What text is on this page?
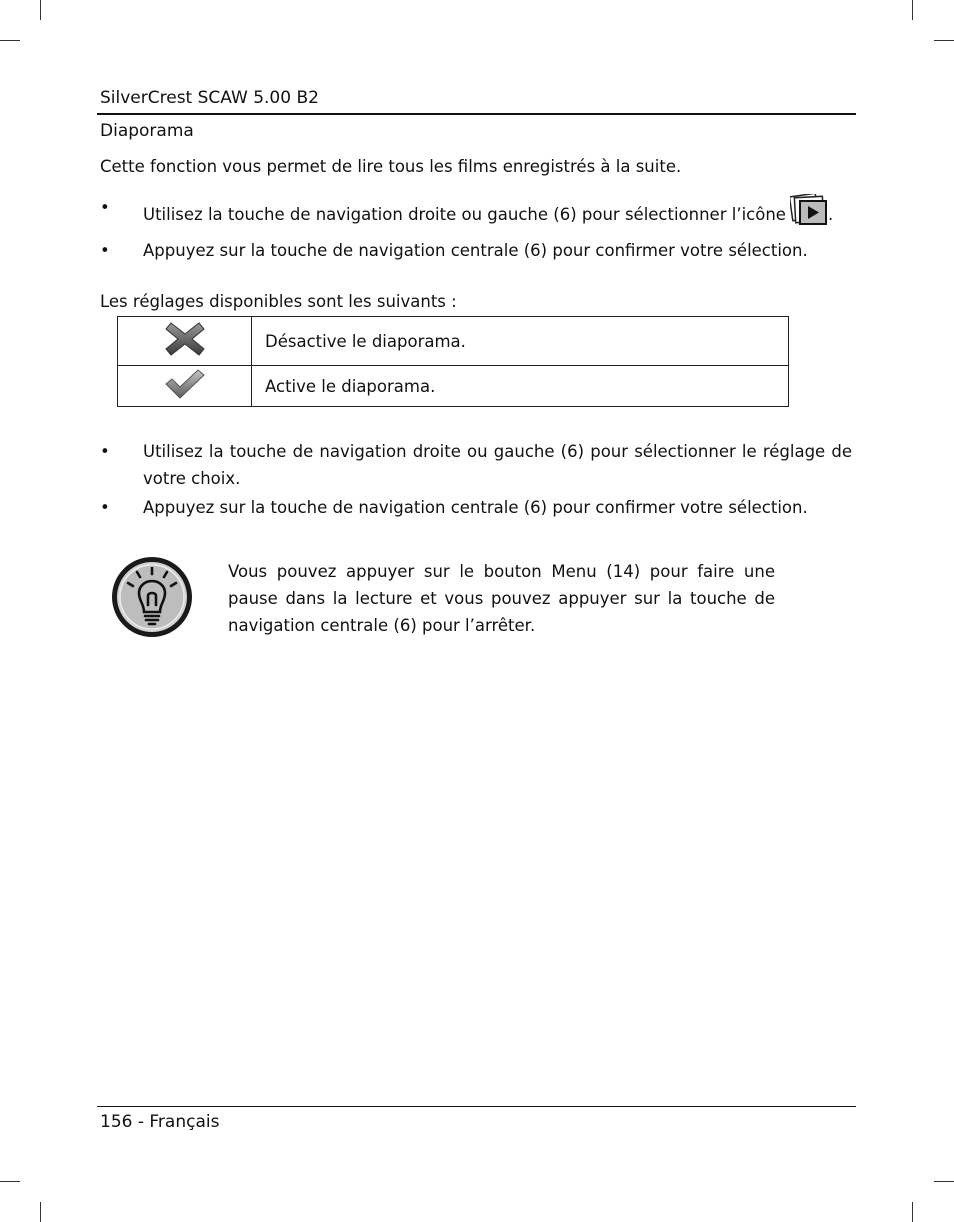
SilverCrest SCAW 5.00 B2
Diaporama

Cette fonction vous permet de lire tous les films enregistrés à la suite.

• Utilisez la touche de navigation droite ou gauche (6) pour sélectionner l’icône	.
• Appuyez sur la touche de navigation centrale (6) pour confirmer votre sélection.

Les réglages disponibles sont les suivants :

	Désactive le diaporama.
	Active le diaporama.
• Utilisez la touche de navigation droite ou gauche (6) pour sélectionner le réglage de votre choix.
• Appuyez sur la touche de navigation centrale (6) pour confirmer votre sélection.

Vous pouvez appuyer sur le bouton Menu (14) pour faire une pause dans la lecture et vous pouvez appuyer sur la touche de navigation centrale (6) pour l’arrêter.

156 - Français
